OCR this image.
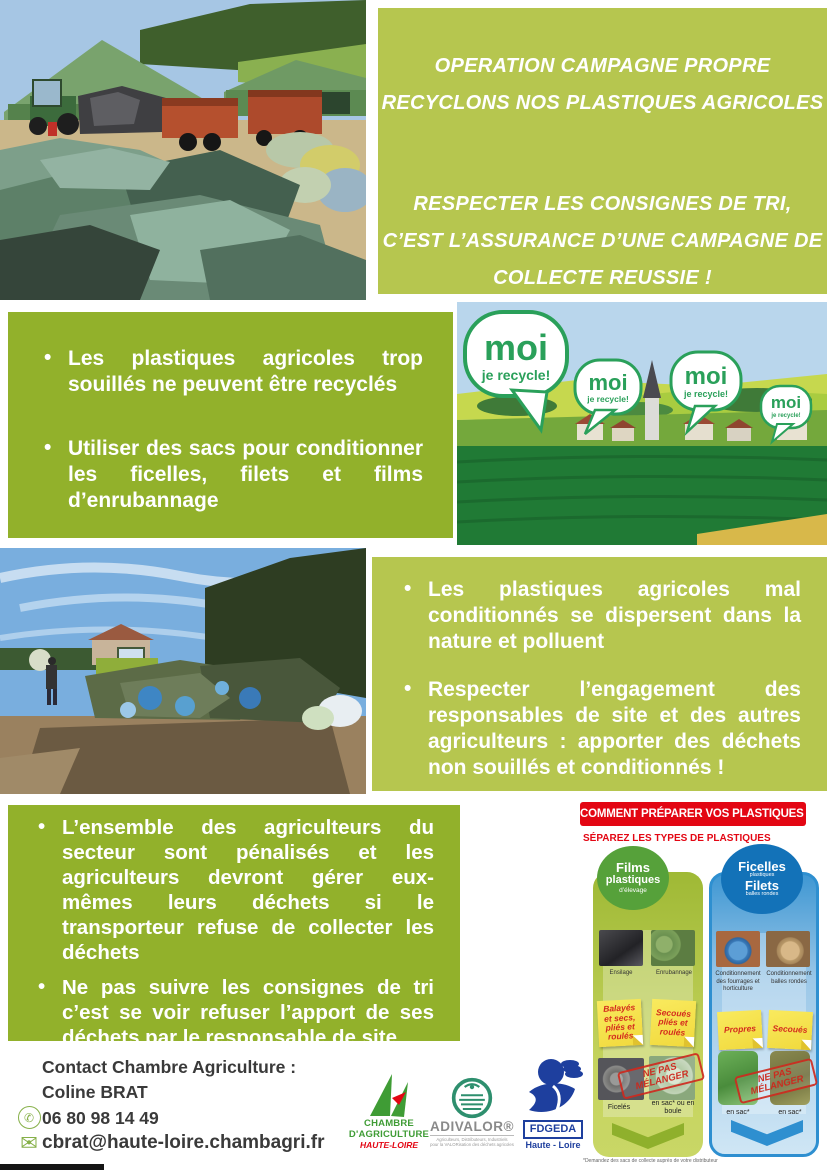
OPERATION CAMPAGNE PROPRE
RECYCLONS NOS PLASTIQUES AGRICOLES
RESPECTER LES CONSIGNES DE TRI,
C’EST L’ASSURANCE D’UNE CAMPAGNE DE
COLLECTE REUSSIE !
• Les plastiques agricoles trop souillés ne peuvent être recyclés
• Utiliser des sacs pour conditionner les ficelles, filets et films d’enrubannage
moi
je recycle! moi
je recycle!
moi
je recycle!	moi
je recycle!
• Les plastiques agricoles mal conditionnés se dispersent dans la nature et polluent
• Respecter l’engagement des responsables de site et des autres agriculteurs : apporter des déchets non souillés et conditionnés !
• L’ensemble des agriculteurs du secteur sont pénalisés et les agriculteurs devront gérer eux-mêmes leurs déchets si le transporteur refuse de collecter les déchets
• Ne pas suivre les consignes de tri c’est se voir refuser l’apport de ses déchets par le responsable de site
COMMENT PRÉPARER VOS PLASTIQUES ?
SÉPAREZ LES TYPES DE PLASTIQUES
Ensilage	Enrubannage
Balayés et secs, pliés et roulés
Secoués pliés et roulés
NE PAS MÉLANGER
Ficelés
en sac* ou en boule
Conditionnement des fourrages et horticulture
Conditionnement balles rondes
Propres	Secoués
NE PAS MÉLANGER
en sac*	en sac*
Films
plastiques
d’élevage
Ficelles
plastiques
Filets
balles rondes
*Demandez des sacs de collecte auprès de votre distributeur
Contact Chambre Agriculture :
Coline BRAT
✆ 06 80 98 14 49
✉ cbrat@haute-loire.chambagri.fr
CHAMBRE
D'AGRICULTURE
HAUTE-LOIRE
ADIVALOR®
Agriculteurs, Distributeurs, Industriels
pour la VALORisation des déchets agricoles
FDGEDA
Haute - Loire
